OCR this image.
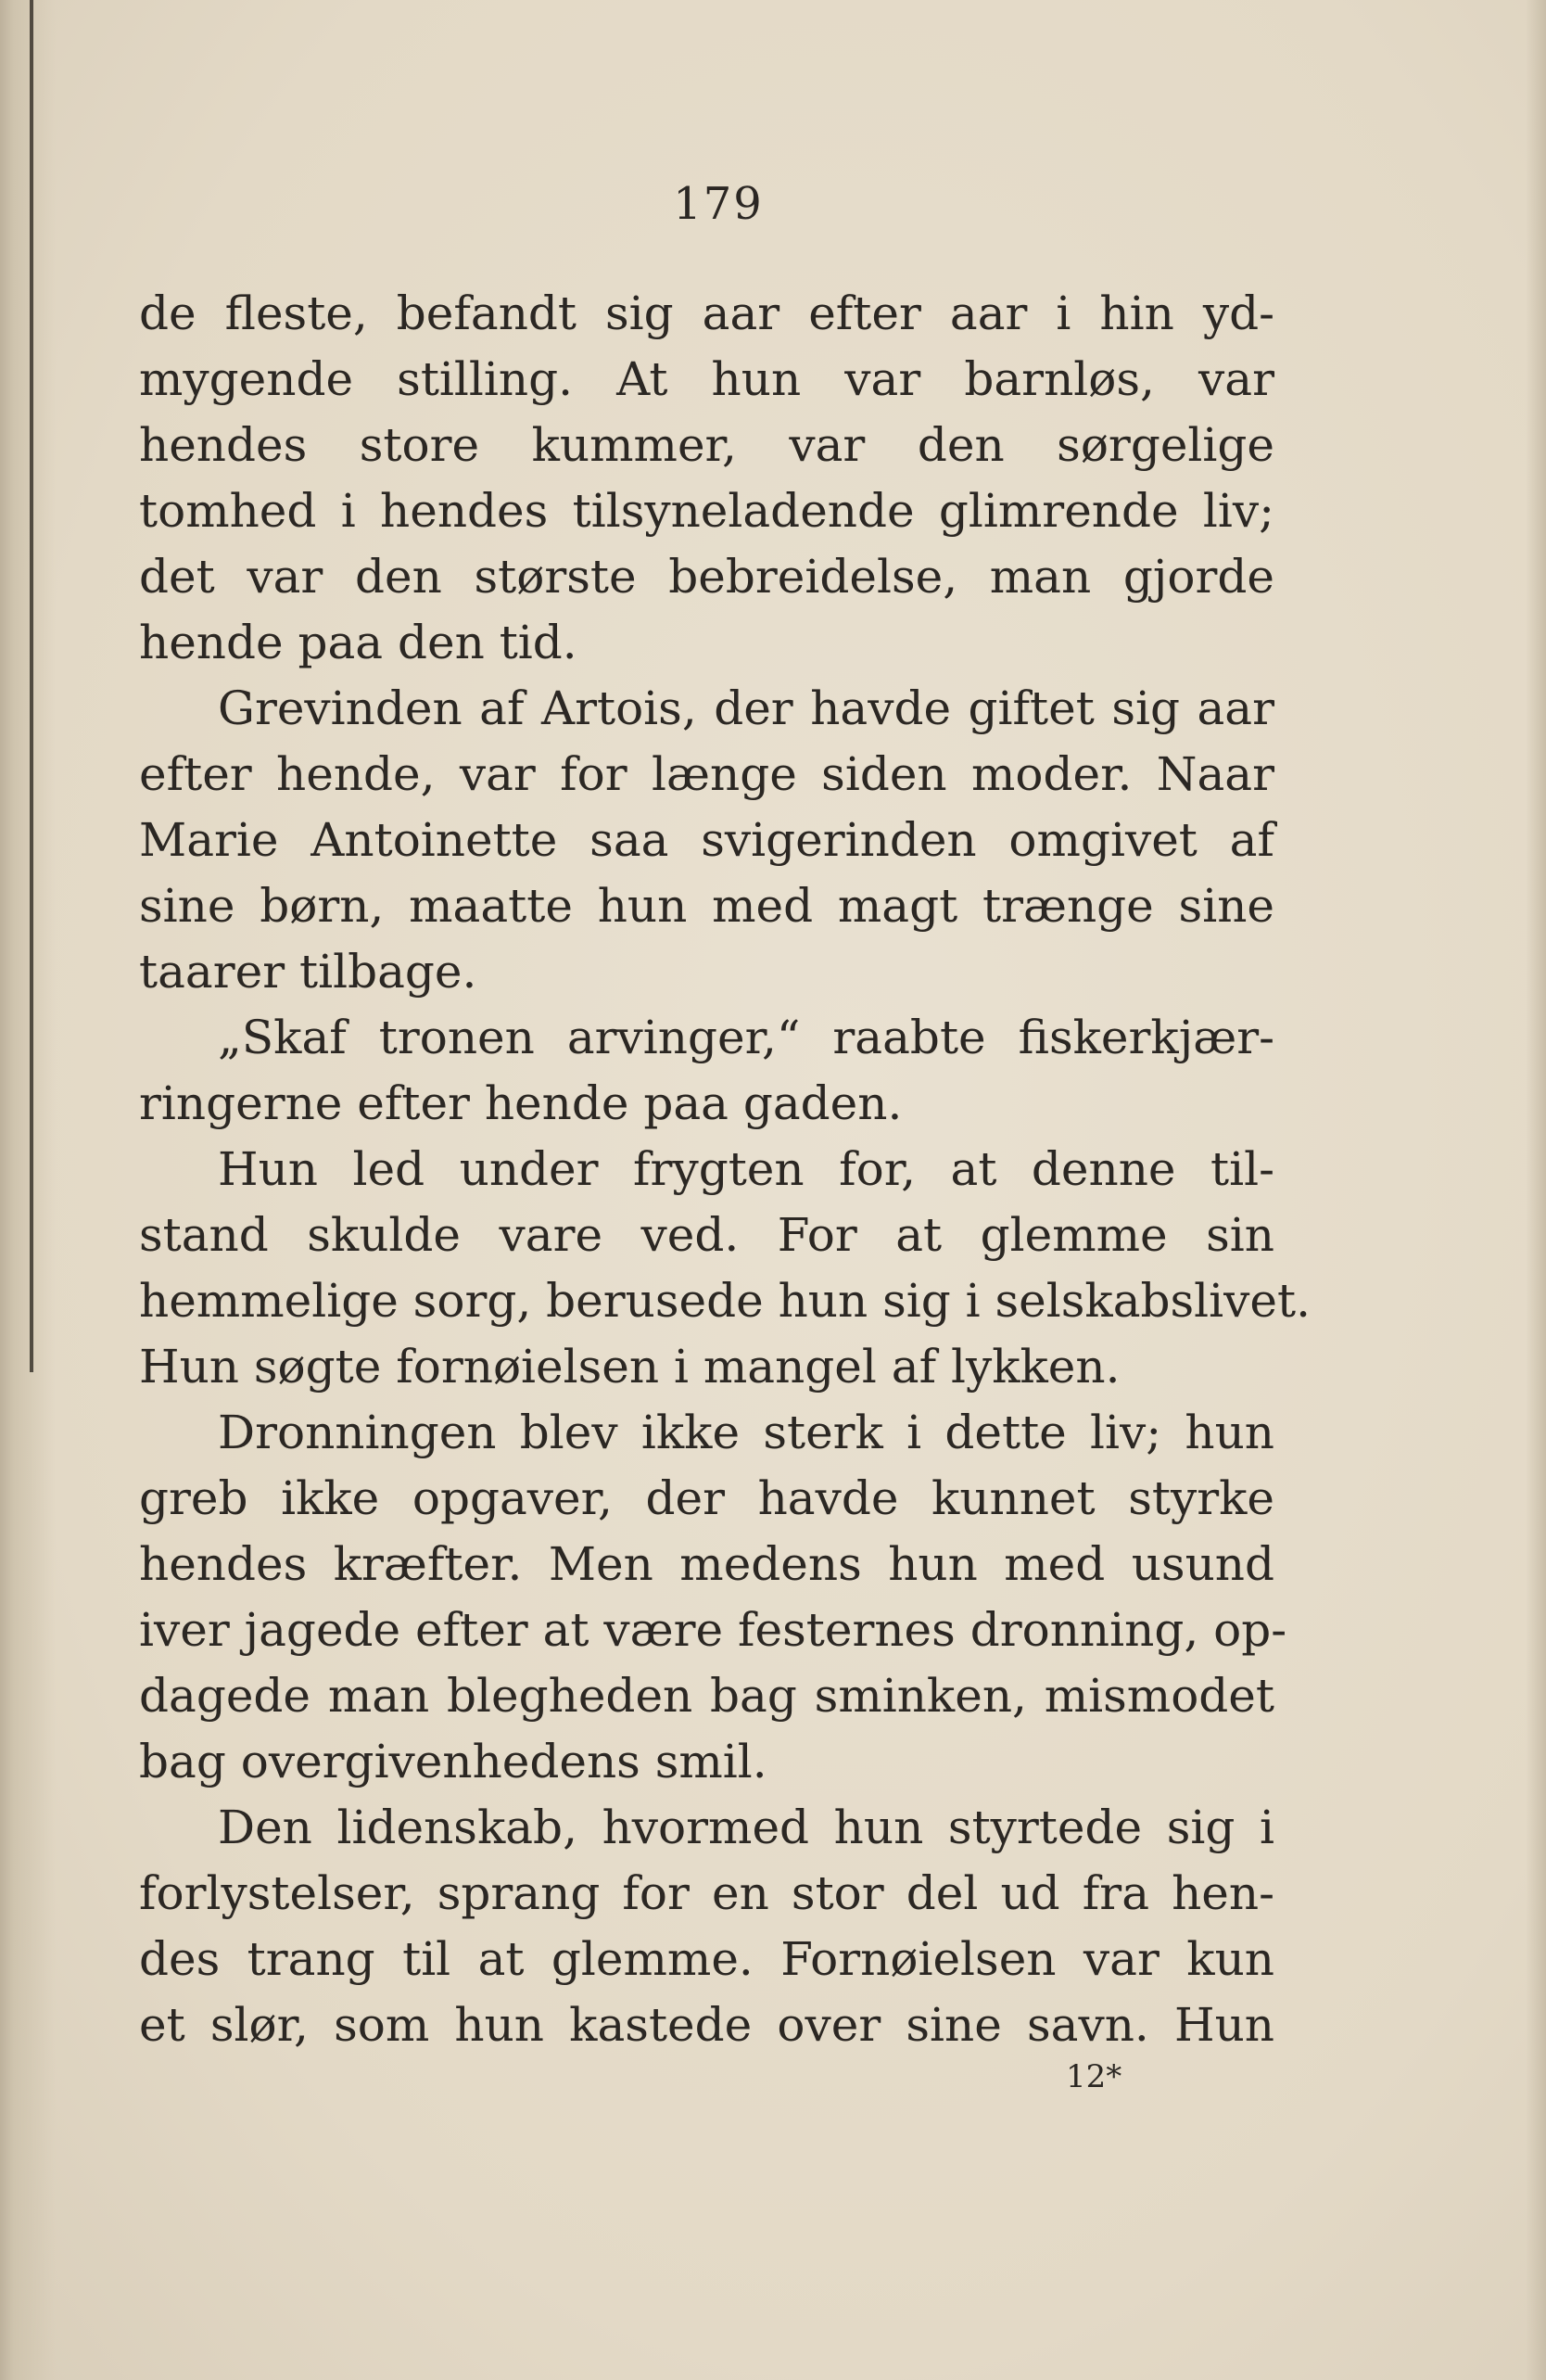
179
de fleste, befandt sig aar efter aar i hin yd-
mygende stilling. At hun var barnløs, var
hendes store kummer, var den sørgelige
tomhed i hendes tilsyneladende glimrende liv;
det var den største bebreidelse, man gjorde
hende paa den tid.
Grevinden af Artois, der havde giftet sig aar
efter hende, var for længe siden moder. Naar
Marie Antoinette saa svigerinden omgivet af
sine børn, maatte hun med magt trænge sine
taarer tilbage.
„Skaf tronen arvinger,“ raabte fiskerkjær-
ringerne efter hende paa gaden.
Hun led under frygten for, at denne til-
stand skulde vare ved. For at glemme sin
hemmelige sorg, berusede hun sig i selskabslivet.
Hun søgte fornøielsen i mangel af lykken.
Dronningen blev ikke sterk i dette liv; hun
greb ikke opgaver, der havde kunnet styrke
hendes kræfter. Men medens hun med usund
iver jagede efter at være festernes dronning, op-
dagede man blegheden bag sminken, mismodet
bag overgivenhedens smil.
Den lidenskab, hvormed hun styrtede sig i
forlystelser, sprang for en stor del ud fra hen-
des trang til at glemme. Fornøielsen var kun
et slør, som hun kastede over sine savn. Hun
12*
